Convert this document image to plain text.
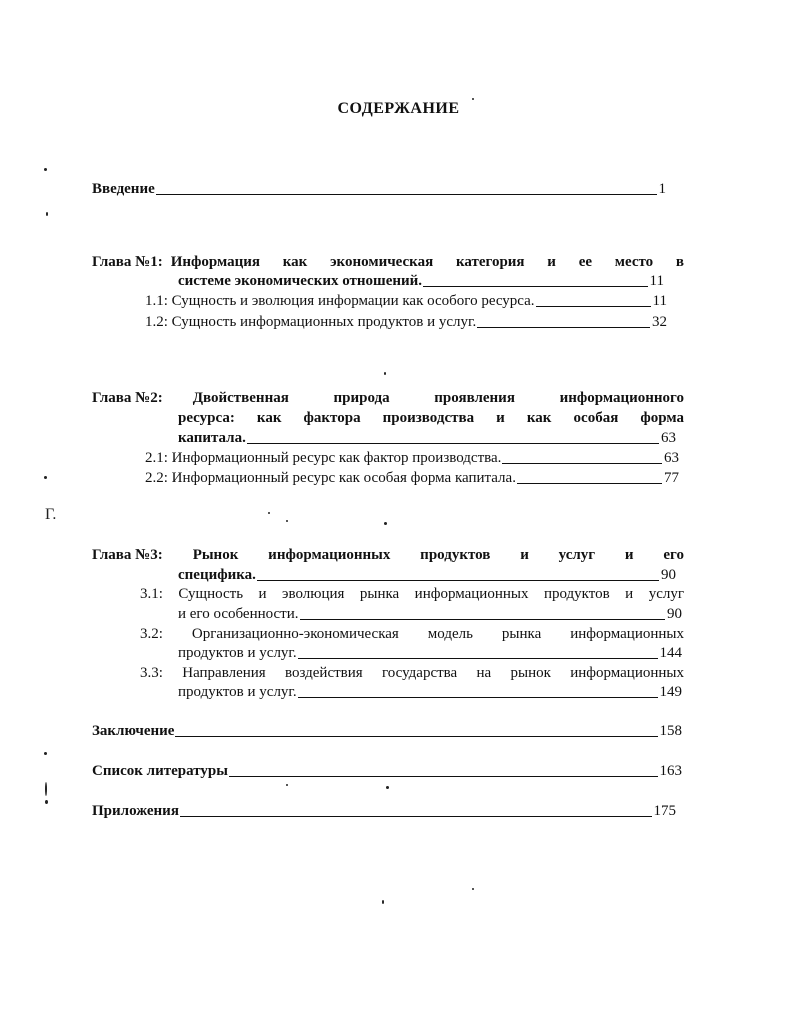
СОДЕРЖАНИЕ
Введение	1
Глава №1: Информация как экономическая категория и ее место в
системе экономических отношений.	11
1.1: Сущность и эволюция информации как особого ресурса.	11
1.2: Сущность информационных продуктов и услуг.	32
Глава №2: Двойственная природа проявления информационного
ресурса: как фактора производства и как особая форма
капитала.	63
2.1: Информационный ресурс как фактор производства.	63
2.2: Информационный ресурс как особая форма капитала.	77
Глава №3: Рынок информационных продуктов и услуг и его
специфика.	90
3.1: Сущность и эволюция рынка информационных продуктов и услуг
и его особенности.	90
3.2: Организационно-экономическая модель рынка информационных
продуктов и услуг.	144
3.3: Направления воздействия государства на рынок информационных
продуктов и услуг.	149
Заключение	158
Список литературы	163
Приложения	175
Γ.
